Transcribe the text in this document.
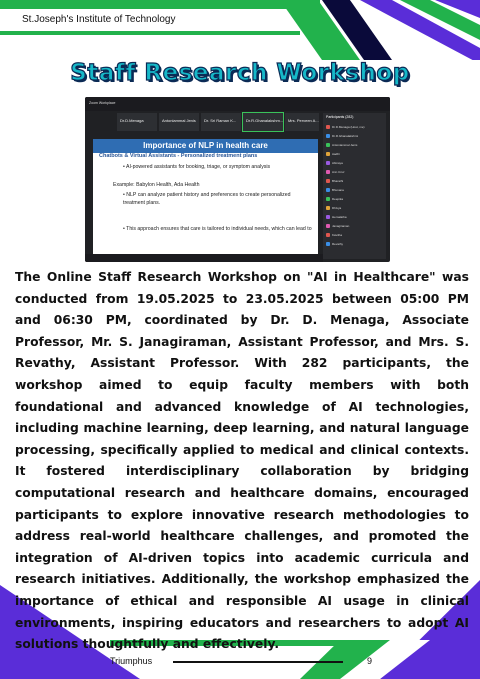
St.Joseph's Institute of Technology
Staff Research Workshop
Zoom Workplace
Dr.D.Menaga	Antoniammal Jenis Dr. Sri Raman K... Dr.R.Ghanalakshm... Mrs. Perveen A...
Importance of NLP in health care
Chatbots & Virtual Assistants - Personalized treatment plans
• AI-powered assistants for booking, triage, or symptom analysis
Example: Babylon Health, Ada Health
• NLP can analyze patient history and preferences to create personalized treatment plans.
• This approach ensures that care is tailored to individual needs, which can lead to
Participants (282)
Dr.D.Menaga (Host, me)
Dr.R.Ghanalakshmi
Antoniammal Jenis
Aadhi
Abinaya
Ann Cruz
Bharathi
Bhuvana
Deepika
Dhivya
Hemalatha
Janagiraman
Kavitha
Revathy
The Online Staff Research Workshop on "AI in Healthcare" was conducted from 19.05.2025 to 23.05.2025 between 05:00 PM and 06:30 PM, coordinated by Dr. D. Menaga, Associate Professor, Mr. S. Janagiraman, Assistant Professor, and Mrs. S. Revathy, Assistant Professor. With 282 participants, the workshop aimed to equip faculty members with both foundational and advanced knowledge of AI technologies, including machine learning, deep learning, and natural language processing, specifically applied to medical and clinical contexts. It fostered interdisciplinary collaboration by bridging computational research and healthcare domains, encouraged participants to explore innovative research methodologies to address real-world healthcare challenges, and promoted the integration of AI-driven topics into academic curricula and research initiatives. Additionally, the workshop emphasized the importance of ethical and responsible AI usage in clinical environments, inspiring educators and researchers to adopt AI solutions thoughtfully and effectively.
Triumphus	9
